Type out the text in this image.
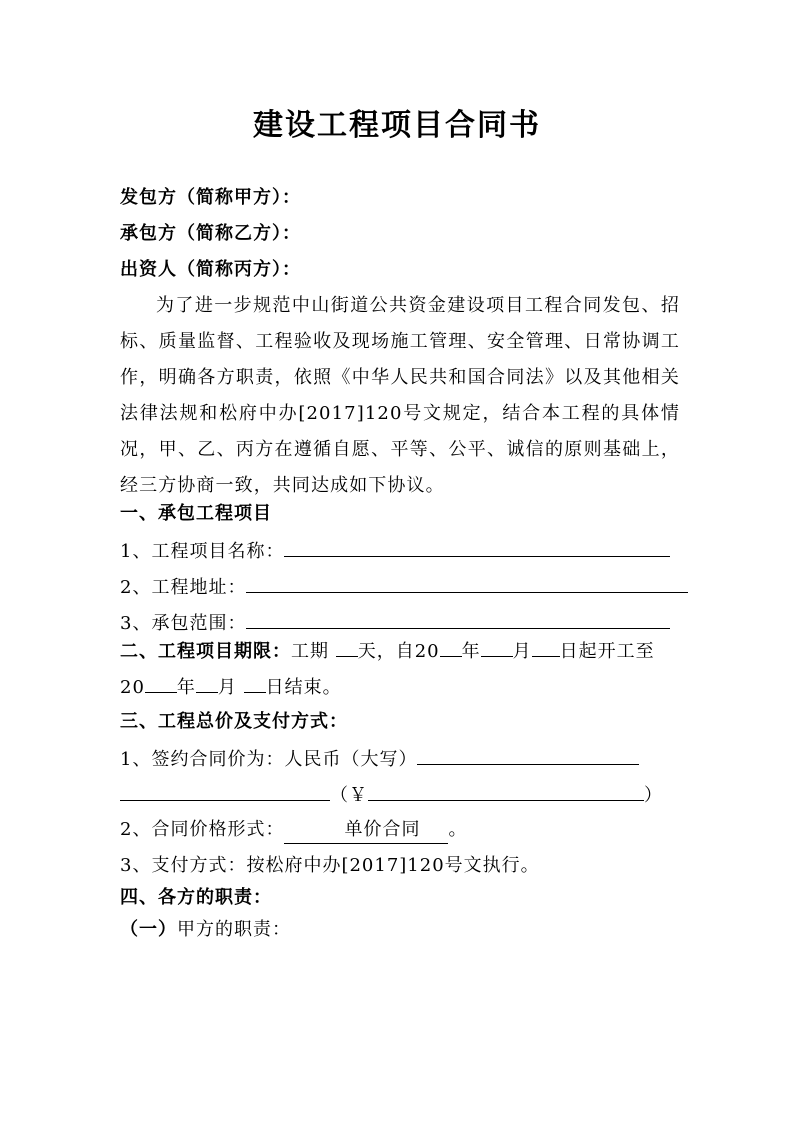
建设工程项目合同书
发包方（简称甲方）：
承包方（简称乙方）：
出资人（简称丙方）：
为了进一步规范中山街道公共资金建设项目工程合同发包、招标、质量监督、工程验收及现场施工管理、安全管理、日常协调工作，明确各方职责，依照《中华人民共和国合同法》以及其他相关法律法规和松府中办[2017]120号文规定，结合本工程的具体情况，甲、乙、丙方在遵循自愿、平等、公平、诚信的原则基础上，经三方协商一致，共同达成如下协议。
一、承包工程项目
1、工程项目名称：
2、工程地址：
3、承包范围：
二、工程项目期限：工期 天，自20 年 月 日起开工至
20 年 月 日结束。
三、工程总价及支付方式：
1、签约合同价为：人民币（大写）
（￥	）
2、合同价格形式：	单价合同 。
3、支付方式：按松府中办[2017]120号文执行。
四、各方的职责：
（一）甲方的职责：
